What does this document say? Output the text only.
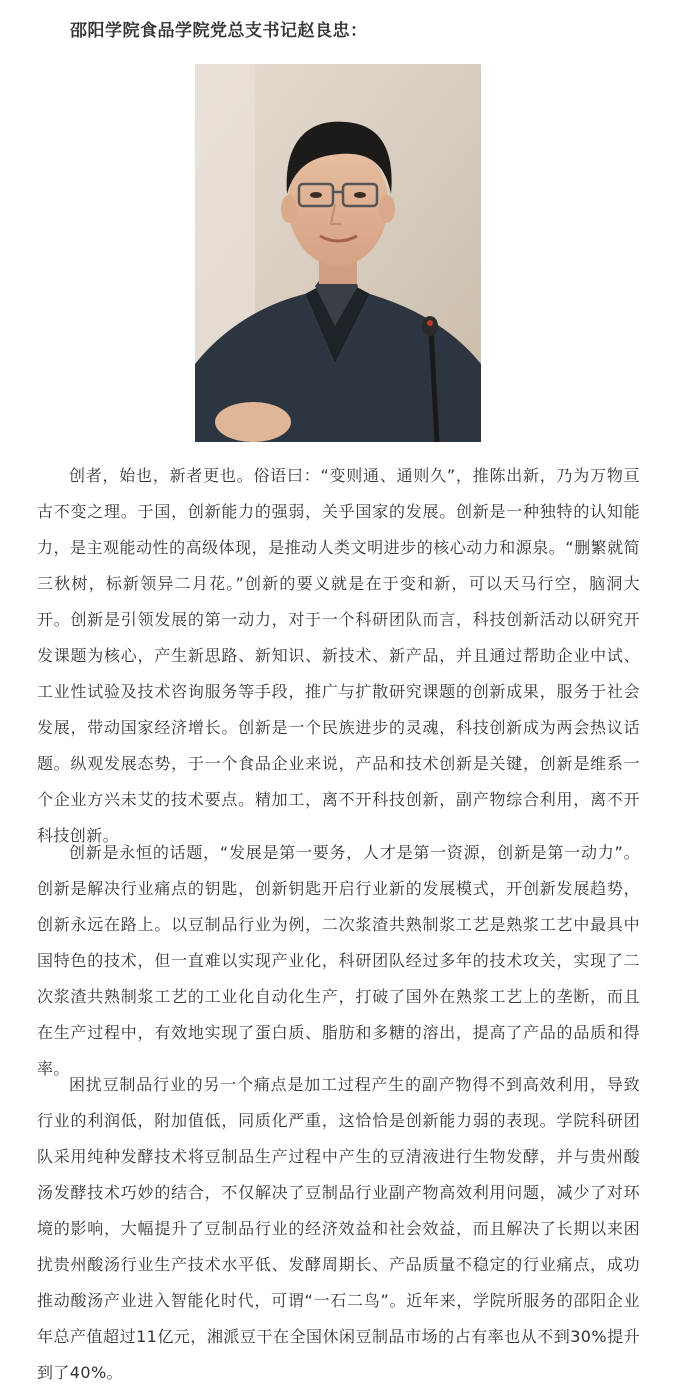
邵阳学院食品学院党总支书记赵良忠：

创者，始也，新者更也。俗语曰：“变则通、通则久”，推陈出新，乃为万物亘古不变之理。于国，创新能力的强弱，关乎国家的发展。创新是一种独特的认知能力，是主观能动性的高级体现，是推动人类文明进步的核心动力和源泉。“删繁就简三秋树，标新领异二月花。”创新的要义就是在于变和新，可以天马行空，脑洞大开。创新是引领发展的第一动力，对于一个科研团队而言，科技创新活动以研究开发课题为核心，产生新思路、新知识、新技术、新产品，并且通过帮助企业中试、工业性试验及技术咨询服务等手段，推广与扩散研究课题的创新成果，服务于社会发展，带动国家经济增长。创新是一个民族进步的灵魂，科技创新成为两会热议话题。纵观发展态势，于一个食品企业来说，产品和技术创新是关键，创新是维系一个企业方兴未艾的技术要点。精加工，离不开科技创新，副产物综合利用，离不开科技创新。

创新是永恒的话题，“发展是第一要务，人才是第一资源，创新是第一动力”。创新是解决行业痛点的钥匙，创新钥匙开启行业新的发展模式，开创新发展趋势，创新永远在路上。以豆制品行业为例，二次浆渣共熟制浆工艺是熟浆工艺中最具中国特色的技术，但一直难以实现产业化，科研团队经过多年的技术攻关，实现了二次浆渣共熟制浆工艺的工业化自动化生产，打破了国外在熟浆工艺上的垄断，而且在生产过程中，有效地实现了蛋白质、脂肪和多糖的溶出，提高了产品的品质和得率。

困扰豆制品行业的另一个痛点是加工过程产生的副产物得不到高效利用，导致行业的利润低，附加值低，同质化严重，这恰恰是创新能力弱的表现。学院科研团队采用纯种发酵技术将豆制品生产过程中产生的豆清液进行生物发酵，并与贵州酸汤发酵技术巧妙的结合，不仅解决了豆制品行业副产物高效利用问题，减少了对环境的影响，大幅提升了豆制品行业的经济效益和社会效益，而且解决了长期以来困扰贵州酸汤行业生产技术水平低、发酵周期长、产品质量不稳定的行业痛点，成功推动酸汤产业进入智能化时代，可谓“一石二鸟”。近年来，学院所服务的邵阳企业年总产值超过11亿元，湘派豆干在全国休闲豆制品市场的占有率也从不到30%提升到了40%。
